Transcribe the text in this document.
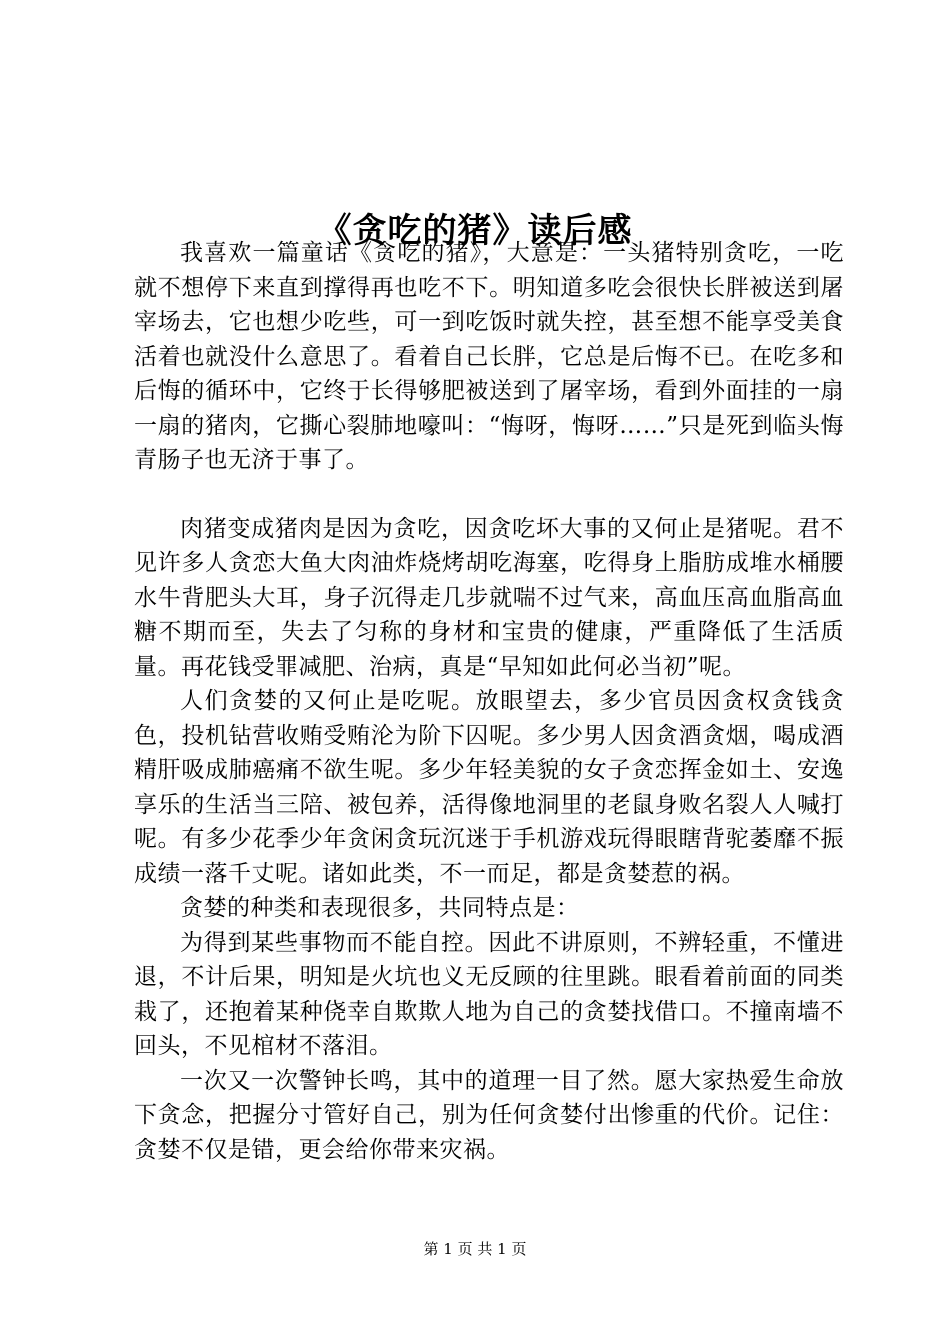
《贪吃的猪》读后感

我喜欢一篇童话《贪吃的猪》，大意是：一头猪特别贪吃，一吃就不想停下来直到撑得再也吃不下。明知道多吃会很快长胖被送到屠宰场去，它也想少吃些，可一到吃饭时就失控，甚至想不能享受美食活着也就没什么意思了。看着自己长胖，它总是后悔不已。在吃多和后悔的循环中，它终于长得够肥被送到了屠宰场，看到外面挂的一扇一扇的猪肉，它撕心裂肺地嚎叫：“悔呀，悔呀……”只是死到临头悔青肠子也无济于事了。

肉猪变成猪肉是因为贪吃，因贪吃坏大事的又何止是猪呢。君不见许多人贪恋大鱼大肉油炸烧烤胡吃海塞，吃得身上脂肪成堆水桶腰水牛背肥头大耳，身子沉得走几步就喘不过气来，高血压高血脂高血糖不期而至，失去了匀称的身材和宝贵的健康，严重降低了生活质量。再花钱受罪减肥、治病，真是“早知如此何必当初”呢。

人们贪婪的又何止是吃呢。放眼望去，多少官员因贪权贪钱贪色，投机钻营收贿受贿沦为阶下囚呢。多少男人因贪酒贪烟，喝成酒精肝吸成肺癌痛不欲生呢。多少年轻美貌的女子贪恋挥金如土、安逸享乐的生活当三陪、被包养，活得像地洞里的老鼠身败名裂人人喊打呢。有多少花季少年贪闲贪玩沉迷于手机游戏玩得眼瞎背驼萎靡不振成绩一落千丈呢。诸如此类，不一而足，都是贪婪惹的祸。

贪婪的种类和表现很多，共同特点是：

为得到某些事物而不能自控。因此不讲原则，不辨轻重，不懂进退，不计后果，明知是火坑也义无反顾的往里跳。眼看着前面的同类栽了，还抱着某种侥幸自欺欺人地为自己的贪婪找借口。不撞南墙不回头，不见棺材不落泪。

一次又一次警钟长鸣，其中的道理一目了然。愿大家热爱生命放下贪念，把握分寸管好自己，别为任何贪婪付出惨重的代价。记住：贪婪不仅是错，更会给你带来灾祸。

第 1 页 共 1 页
